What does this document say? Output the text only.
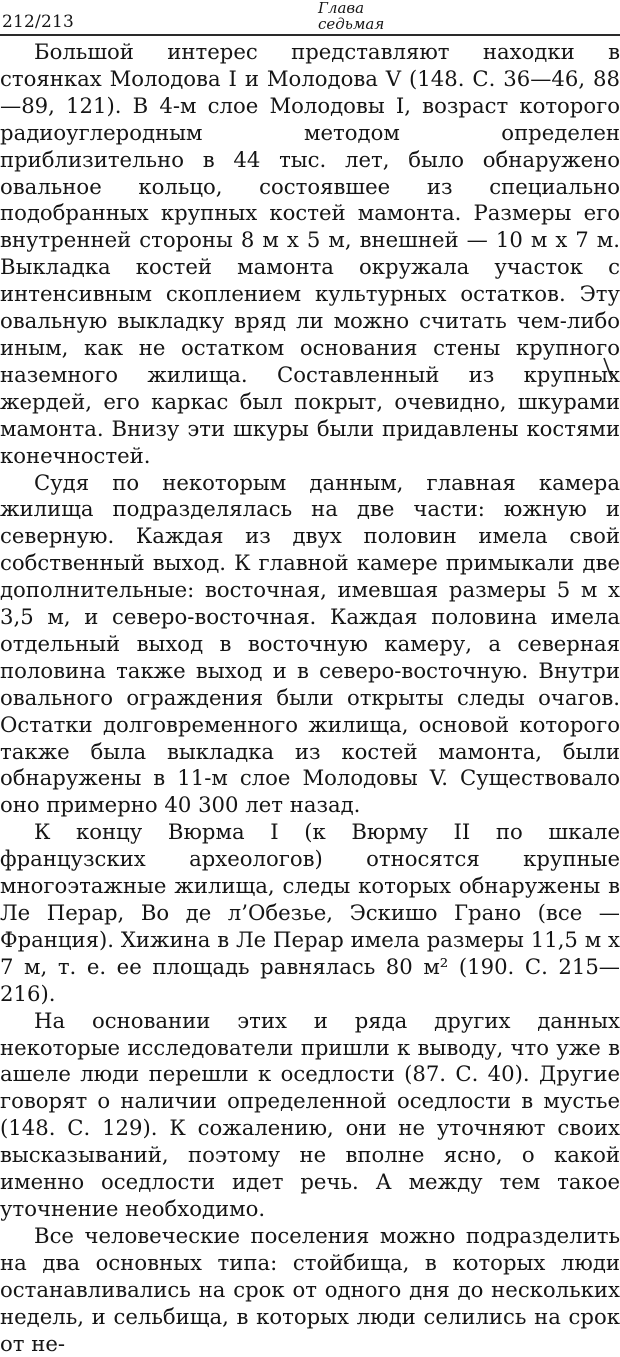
212/213
Глава
седьмая

Большой интерес представляют находки в стоянках Молодова I и Молодова V (148. С. 36—46, 88—89, 121). В 4-м слое Молодовы I, возраст которого радиоуглеродным методом определен приблизительно в 44 тыс. лет, было обнаружено овальное кольцо, состоявшее из специально подобранных крупных костей мамонта. Размеры его внутренней стороны 8 м х 5 м, внешней — 10 м х 7 м. Выкладка костей мамонта окружала участок с интенсивным скоплением культурных остатков. Эту овальную выкладку вряд ли можно считать чем-либо иным, как не остатком основания стены крупного наземного жилища. Составленный из крупных жердей, его каркас был покрыт, очевидно, шкурами мамонта. Внизу эти шкуры были придавлены костями конечностей.

Судя по некоторым данным, главная камера жилища подразделялась на две части: южную и северную. Каждая из двух половин имела свой собственный выход. К главной камере примыкали две дополнительные: восточная, имевшая размеры 5 м х 3,5 м, и северо-восточная. Каждая половина имела отдельный выход в восточную камеру, а северная половина также выход и в северо-восточную. Внутри овального ограждения были открыты следы очагов. Остатки долговременного жилища, основой которого также была выкладка из костей мамонта, были обнаружены в 11-м слое Молодовы V. Существовало оно примерно 40 300 лет назад.

К концу Вюрма I (к Вюрму II по шкале французских археологов) относятся крупные многоэтажные жилища, следы которых обнаружены в Ле Перар, Во де л’Обезье, Эскишо Грано (все — Франция). Хижина в Ле Перар имела размеры 11,5 м х 7 м, т. е. ее площадь равнялась 80 м² (190. С. 215—216).

На основании этих и ряда других данных некоторые исследователи пришли к выводу, что уже в ашеле люди перешли к оседлости (87. С. 40). Другие говорят о наличии определенной оседлости в мустье (148. С. 129). К сожалению, они не уточняют своих высказываний, поэтому не вполне ясно, о какой именно оседлости идет речь. А между тем такое уточнение необходимо.

Все человеческие поселения можно подразделить на два основных типа: стойбища, в которых люди останавливались на срок от одного дня до нескольких недель, и сельбища, в которых люди селились на срок от не-
